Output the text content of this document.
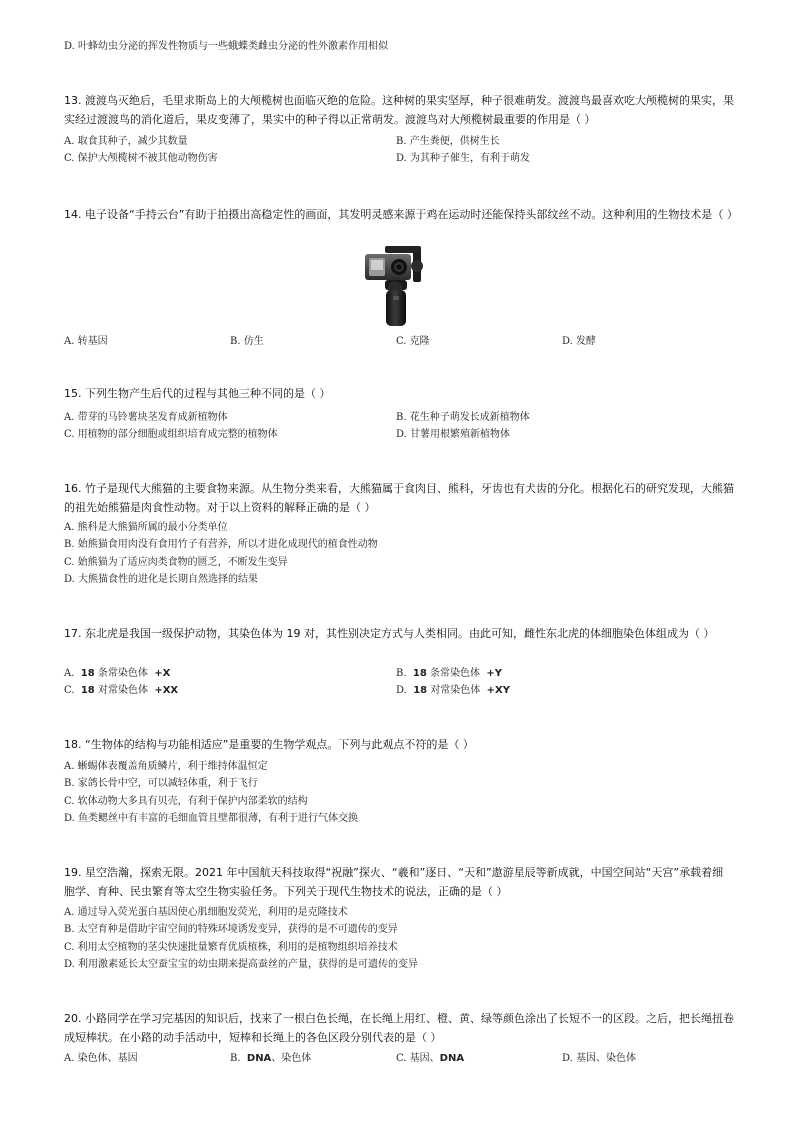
D. 叶蜂幼虫分泌的挥发性物质与一些蛾蝶类雌虫分泌的性外激素作用相似
13. 渡渡鸟灭绝后，毛里求斯岛上的大颅榄树也面临灭绝的危险。这种树的果实坚厚，种子很难萌发。渡渡鸟最喜欢吃大颅榄树的果实，果实经过渡渡鸟的消化道后，果皮变薄了，果实中的种子得以正常萌发。渡渡鸟对大颅榄树最重要的作用是（ ）
A. 取食其种子，减少其数量	B. 产生粪便，供树生长
C. 保护大颅榄树不被其他动物伤害	D. 为其种子催生，有利于萌发
14. 电子设备“手持云台”有助于拍摄出高稳定性的画面，其发明灵感来源于鸡在运动时还能保持头部纹丝不动。这种利用的生物技术是（ ）
A. 转基因	B. 仿生	C. 克隆	D. 发酵
15. 下列生物产生后代的过程与其他三种不同的是（ ）
A. 带芽的马铃薯块茎发育成新植物体	B. 花生种子萌发长成新植物体
C. 用植物的部分细胞或组织培育成完整的植物体	D. 甘薯用根繁殖新植物体
16. 竹子是现代大熊猫的主要食物来源。从生物分类来看，大熊猫属于食肉目、熊科，牙齿也有犬齿的分化。根据化石的研究发现，大熊猫的祖先始熊猫是肉食性动物。对于以上资料的解释正确的是（ ）
A. 熊科是大熊猫所属的最小分类单位
B. 始熊猫食用肉没有食用竹子有营养，所以才进化成现代的植食性动物
C. 始熊猫为了适应肉类食物的匮乏，不断发生变异
D. 大熊猫食性的进化是长期自然选择的结果
17. 东北虎是我国一级保护动物，其染色体为 19 对，其性别决定方式与人类相同。由此可知，雌性东北虎的体细胞染色体组成为（ ）
A. 18 条常染色体 +X	B. 18 条常染色体 +Y
C. 18 对常染色体 +XX	D. 18 对常染色体 +XY
18. “生物体的结构与功能相适应”是重要的生物学观点。下列与此观点不符的是（ ）
A. 蜥蜴体表覆盖角质鳞片，利于维持体温恒定
B. 家鸽长骨中空，可以减轻体重，利于飞行
C. 软体动物大多具有贝壳，有利于保护内部柔软的结构
D. 鱼类鳃丝中有丰富的毛细血管且壁都很薄，有利于进行气体交换
19. 星空浩瀚，探索无限。2021 年中国航天科技取得“祝融”探火、“羲和”逐日、“天和”遨游星辰等新成就，中国空间站“天宫”承载着细胞学、育种、民虫繁育等太空生物实验任务。下列关于现代生物技术的说法，正确的是（ ）
A. 通过导入荧光蛋白基因使心肌细胞发荧光，利用的是克隆技术
B. 太空育种是借助宇宙空间的特殊环境诱发变异，获得的是不可遗传的变异
C. 利用太空植物的茎尖快速批量繁育优质植株，利用的是植物组织培养技术
D. 利用激素延长太空蚕宝宝的幼虫期来提高蚕丝的产量，获得的是可遗传的变异
20. 小路同学在学习完基因的知识后，找来了一根白色长绳，在长绳上用红、橙、黄、绿等颜色涂出了长短不一的区段。之后，把长绳扭卷成短棒状。在小路的动手活动中，短棒和长绳上的各色区段分别代表的是（ ）
A. 染色体、基因	B. DNA、染色体	C. 基因、DNA	D. 基因、染色体
